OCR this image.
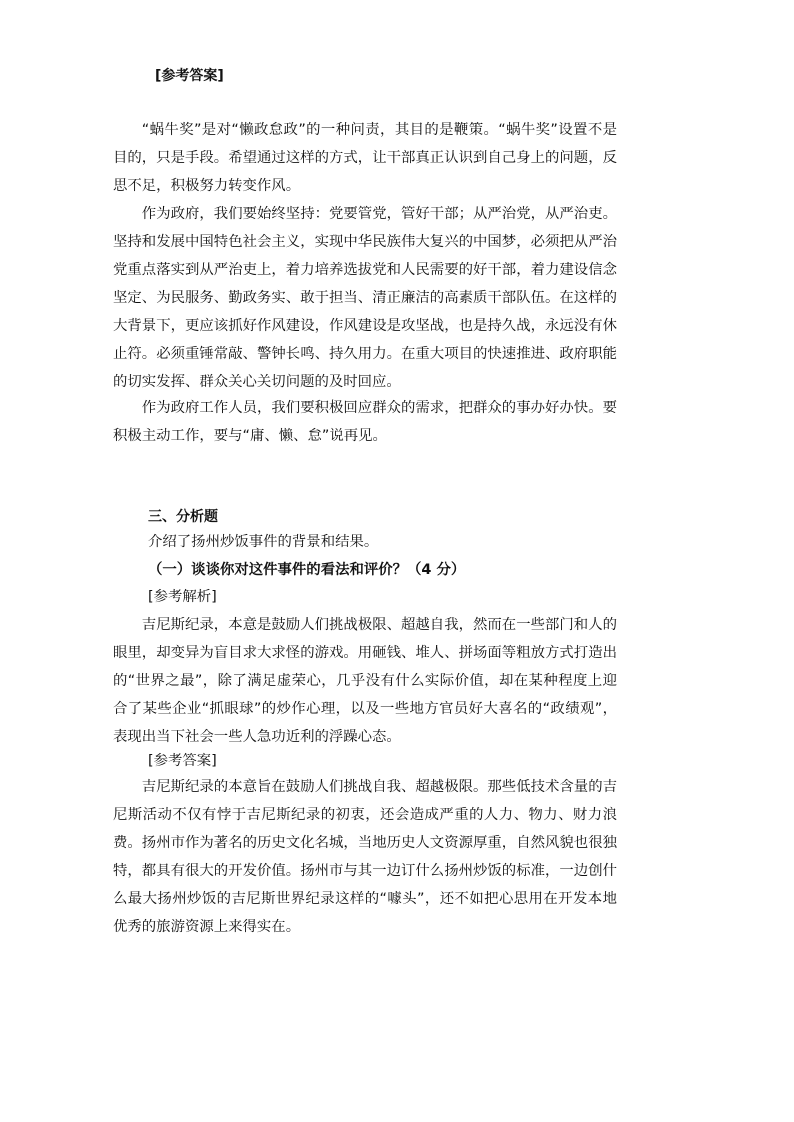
[参考答案]

“蜗牛奖”是对“懒政怠政”的一种问责，其目的是鞭策。“蜗牛奖”设置不是目的，只是手段。希望通过这样的方式，让干部真正认识到自己身上的问题，反思不足，积极努力转变作风。

作为政府，我们要始终坚持：党要管党，管好干部；从严治党，从严治吏。坚持和发展中国特色社会主义，实现中华民族伟大复兴的中国梦，必须把从严治党重点落实到从严治吏上，着力培养选拔党和人民需要的好干部，着力建设信念坚定、为民服务、勤政务实、敢于担当、清正廉洁的高素质干部队伍。在这样的大背景下，更应该抓好作风建设，作风建设是攻坚战，也是持久战，永远没有休止符。必须重锤常敲、警钟长鸣、持久用力。在重大项目的快速推进、政府职能的切实发挥、群众关心关切问题的及时回应。

作为政府工作人员，我们要积极回应群众的需求，把群众的事办好办快。要积极主动工作，要与“庸、懒、怠”说再见。

三、分析题
介绍了扬州炒饭事件的背景和结果。
（一）谈谈你对这件事件的看法和评价？（4 分）
[参考解析]

吉尼斯纪录，本意是鼓励人们挑战极限、超越自我，然而在一些部门和人的眼里，却变异为盲目求大求怪的游戏。用砸钱、堆人、拼场面等粗放方式打造出的“世界之最”，除了满足虚荣心，几乎没有什么实际价值，却在某种程度上迎合了某些企业“抓眼球”的炒作心理，以及一些地方官员好大喜名的“政绩观”，表现出当下社会一些人急功近利的浮躁心态。

[参考答案]

吉尼斯纪录的本意旨在鼓励人们挑战自我、超越极限。那些低技术含量的吉尼斯活动不仅有悖于吉尼斯纪录的初衷，还会造成严重的人力、物力、财力浪费。 扬州市作为著名的历史文化名城，当地历史人文资源厚重，自然风貌也很独特，都具有很大的开发价值。扬州市与其一边订什么扬州炒饭的标准，一边创什么最大扬州炒饭的吉尼斯世界纪录这样的“噱头”，还不如把心思用在开发本地优秀的旅游资源上来得实在。
